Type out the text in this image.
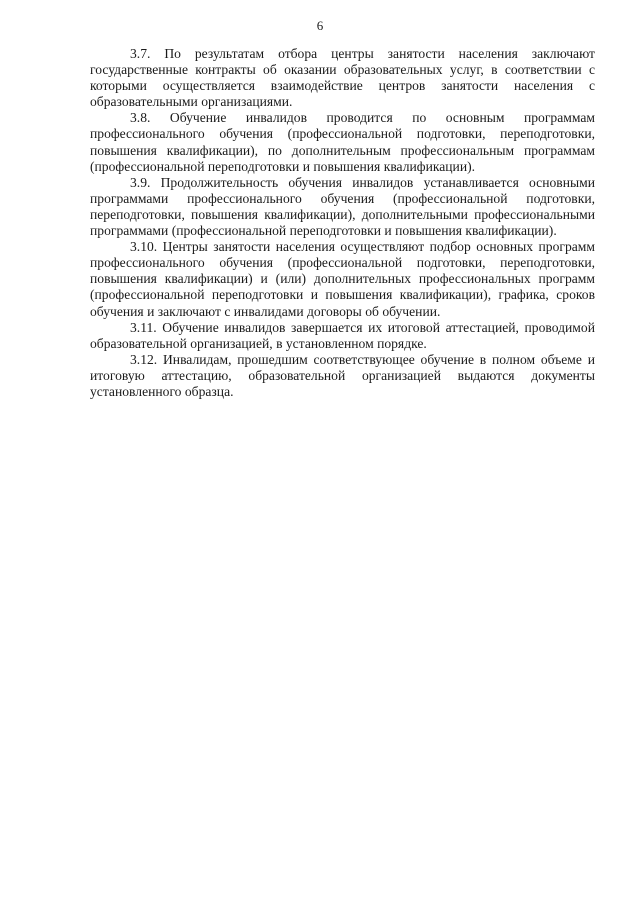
6

3.7. По результатам отбора центры занятости населения заключают государственные контракты об оказании образовательных услуг, в соответствии с которыми осуществляется взаимодействие центров занятости населения с образовательными организациями.

3.8. Обучение инвалидов проводится по основным программам профессионального обучения (профессиональной подготовки, переподготовки, повышения квалификации), по дополнительным профессиональным программам (профессиональной переподготовки и повышения квалификации).

3.9. Продолжительность обучения инвалидов устанавливается основными программами профессионального обучения (профессиональной подготовки, переподготовки, повышения квалификации), дополнительными профессиональными программами (профессиональной переподготовки и повышения квалификации).

3.10. Центры занятости населения осуществляют подбор основных программ профессионального обучения (профессиональной подготовки, переподготовки, повышения квалификации) и (или) дополнительных профессиональных программ (профессиональной переподготовки и повышения квалификации), графика, сроков обучения и заключают с инвалидами договоры об обучении.

3.11. Обучение инвалидов завершается их итоговой аттестацией, проводимой образовательной организацией, в установленном порядке.

3.12. Инвалидам, прошедшим соответствующее обучение в полном объеме и итоговую аттестацию, образовательной организацией выдаются документы установленного образца.
